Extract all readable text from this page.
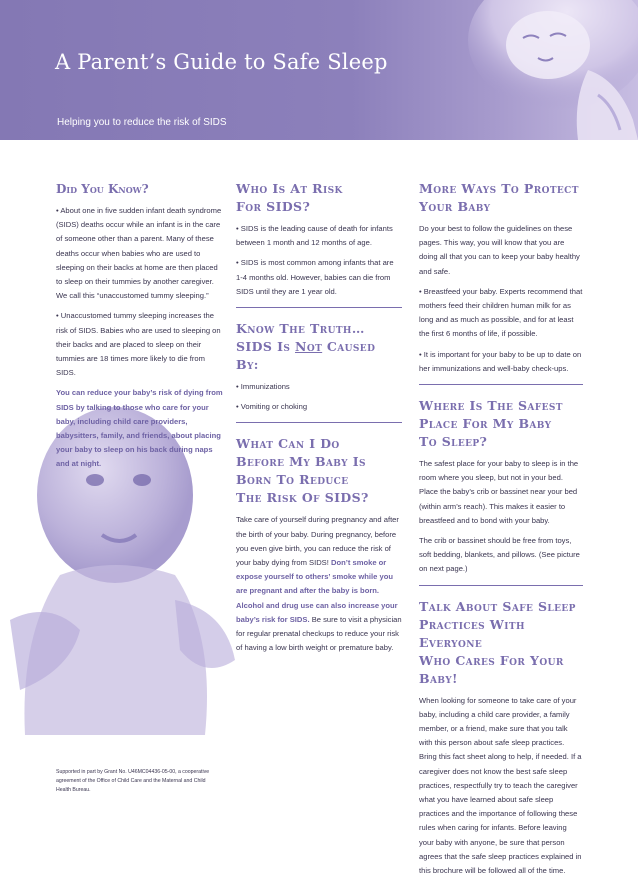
A Parent’s Guide to Safe Sleep

Helping you to reduce the risk of SIDS

Did You Know?

• About one in five sudden infant death syndrome (SIDS) deaths occur while an infant is in the care of someone other than a parent. Many of these deaths occur when babies who are used to sleeping on their backs at home are then placed to sleep on their tummies by another caregiver. We call this “unaccustomed tummy sleeping.”

• Unaccustomed tummy sleeping increases the risk of SIDS. Babies who are used to sleeping on their backs and are placed to sleep on their tummies are 18 times more likely to die from SIDS.

You can reduce your baby’s risk of dying from SIDS by talking to those who care for your baby, including child care providers, babysitters, family, and friends, about placing your baby to sleep on his back during naps and at night.

Who Is At Risk
For SIDS?

• SIDS is the leading cause of death for infants between 1 month and 12 months of age.

• SIDS is most common among infants that are 1-4 months old. However, babies can die from SIDS until they are 1 year old.

Know The Truth…
SIDS Is Not Caused By:

• Immunizations

• Vomiting or choking

What Can I Do
Before My Baby Is
Born To Reduce
The Risk Of SIDS?

Take care of yourself during pregnancy and after the birth of your baby. During pregnancy, before you even give birth, you can reduce the risk of your baby dying from SIDS! Don’t smoke or expose yourself to others’ smoke while you are pregnant and after the baby is born. Alcohol and drug use can also increase your baby’s risk for SIDS. Be sure to visit a physician for regular prenatal checkups to reduce your risk of having a low birth weight or premature baby.

More Ways To Protect
Your Baby

Do your best to follow the guidelines on these pages. This way, you will know that you are doing all that you can to keep your baby healthy and safe.

• Breastfeed your baby. Experts recommend that mothers feed their children human milk for as long and as much as possible, and for at least the first 6 months of life, if possible.

• It is important for your baby to be up to date on her immunizations and well-baby check-ups.

Where Is The Safest
Place For My Baby
To Sleep?

The safest place for your baby to sleep is in the room where you sleep, but not in your bed. Place the baby’s crib or bassinet near your bed (within arm’s reach). This makes it easier to breastfeed and to bond with your baby.

The crib or bassinet should be free from toys, soft bedding, blankets, and pillows. (See picture on next page.)

Talk About Safe Sleep
Practices With Everyone
Who Cares For Your Baby!

When looking for someone to take care of your baby, including a child care provider, a family member, or a friend, make sure that you talk with this person about safe sleep practices.

Bring this fact sheet along to help, if needed. If a caregiver does not know the best safe sleep practices, respectfully try to teach the caregiver what you have learned about safe sleep practices and the importance of following these rules when caring for infants. Before leaving your baby with anyone, be sure that person agrees that the safe sleep practices explained in this brochure will be followed all of the time.

Supported in part by Grant No. U46MC04436-05-00, a cooperative agreement of the Office of Child Care and the Maternal and Child Health Bureau.
